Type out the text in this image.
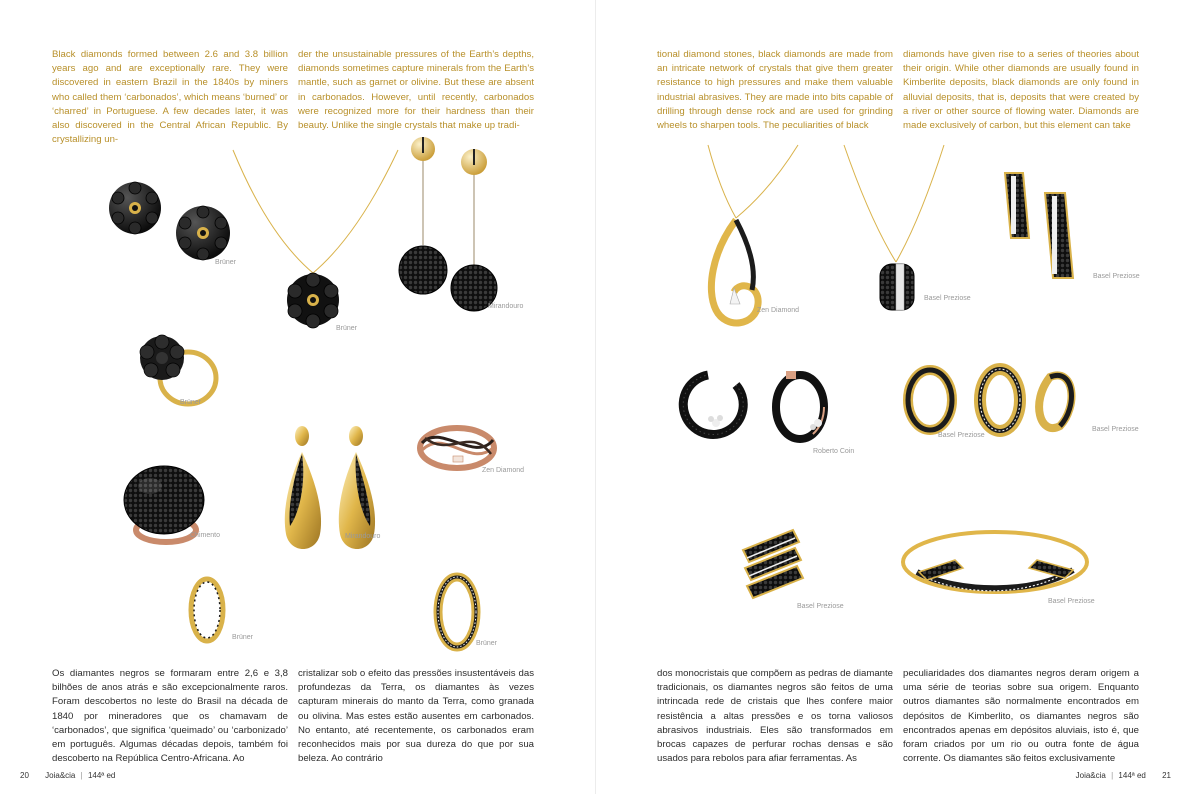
Black diamonds formed between 2.6 and 3.8 billion years ago and are exceptionally rare. They were discovered in eastern Brazil in the 1840s by miners who called them ‘carbonados’, which means ‘burned’ or ‘charred’ in Portuguese. A few decades later, it was also discovered in the Central African Republic. By crystallizing un-

der the unsustainable pressures of the Earth’s depths, diamonds sometimes capture minerals from the Earth’s mantle, such as garnet or olivine. But these are absent in carbonados. However, until recently, carbonados were recognized more for their hardness than their beauty. Unlike the single crystals that make up tradi-

Os diamantes negros se formaram entre 2,6 e 3,8 bilhões de anos atrás e são excepcionalmente raros. Foram descobertos no leste do Brasil na década de 1840 por mineradores que os chamavam de ‘carbonados’, que significa ‘queimado’ ou ‘carbonizado’ em português. Algumas décadas depois, também foi descoberto na República Centro-Africana. Ao

cristalizar sob o efeito das pressões insustentáveis das profundezas da Terra, os diamantes às vezes capturam minerais do manto da Terra, como granada ou olivina. Mas estes estão ausentes em carbonados. No entanto, até recentemente, os carbonados eram reconhecidos mais por sua dureza do que por sua beleza. Ao contrário

tional diamond stones, black diamonds are made from an intricate network of crystals that give them greater resistance to high pressures and make them valuable industrial abrasives. They are made into bits capable of drilling through dense rock and are used for grinding wheels to sharpen tools. The peculiarities of black

diamonds have given rise to a series of theories about their origin. While other diamonds are usually found in Kimberlite deposits, black diamonds are only found in alluvial deposits, that is, deposits that were created by a river or other source of flowing water. Diamonds are made exclusively of carbon, but this element can take

dos monocristais que compõem as pedras de diamante tradicionais, os diamantes negros são feitos de uma intrincada rede de cristais que lhes confere maior resistência a altas pressões e os torna valiosos abrasivos industriais. Eles são transformados em brocas capazes de perfurar rochas densas e são usados para rebolos para afiar ferramentas. As

peculiaridades dos diamantes negros deram origem a uma série de teorias sobre sua origem. Enquanto outros diamantes são normalmente encontrados em depósitos de Kimberlito, os diamantes negros são encontrados apenas em depósitos aluviais, isto é, que foram criados por um rio ou outra fonte de água corrente. Os diamantes são feitos exclusivamente

20 Joia&cia | 144ª ed	Joia&cia | 144ª ed 21
Brüner
Brüner
Mirandouro
Brüner
Zen Diamond
Chimento	Mirandouro
Brüner
Brüner
Zen Diamond
Basel Preziose
Basel Preziose
Roberto Coin
Basel Preziose
Basel Preziose
Basel Preziose
Basel Preziose
